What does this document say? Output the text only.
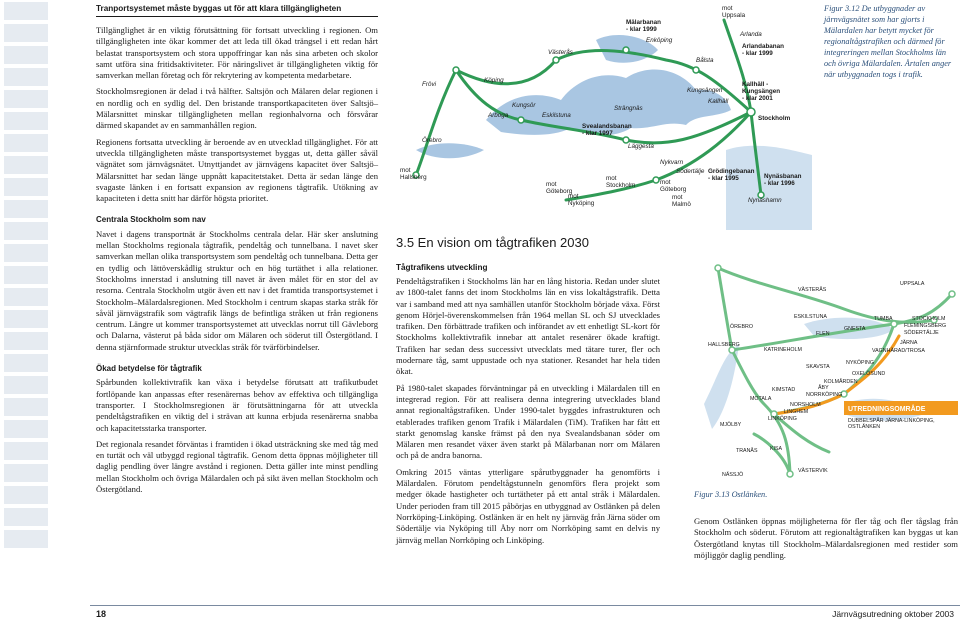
Tranportsystemet måste byggas ut för att klara tillgängligheten

Tillgänglighet är en viktig förutsättning för fortsatt utveckling i regionen. Om tillgängligheten inte ökar kommer det att leda till ökad trängsel i ett redan hårt belastat transportsystem och stora uppoffringar kan nås sina arbeten och skolor samt utföra sina fritidsaktiviteter. För näringslivet är tillgängligheten viktig för samverkan mellan företag och för rekrytering av kompetenta medarbetare.

Stockholmsregionen är delad i två hälfter. Saltsjön och Mälaren delar regionen i en nordlig och en sydlig del. Den bristande transportkapaciteten över Saltsjö–Mälarsnittet minskar tillgängligheten mellan regionhalvorna och försvårar därmed skapandet av en sammanhållen region.

Regionens fortsatta utveckling är beroende av en utvecklad tillgänglighet. För att utveckla tillgängligheten måste transportsystemet byggas ut, detta gäller såväl vägnätet som järnvägsnätet. Utnyttjandet av järnvägens kapacitet över Saltsjö–Mälarsnittet har sedan länge uppnått kapacitetstaket. Detta är sedan länge den svagaste länken i en fortsatt expansion av regionens tågtrafik. Utökning av kapaciteten i detta snitt har därför högsta prioritet.

Centrala Stockholm som nav

Navet i dagens transportnät är Stockholms centrala delar. Här sker anslutning mellan Stockholms regionala tågtrafik, pendeltåg och tunnelbana. I navet sker samverkan mellan olika transportsystem som pendeltåg och tunnelbana. Detta ger en tydlig och lättöverskådlig struktur och en hög turtäthet i alla relationer. Stockholms innerstad i anslutning till navet är även målet för en stor del av resorna. Centrala Stockholm utgör även ett nav i det framtida transportsystemet i Stockholm–Mälardalsregionen. Med Stockholm i centrum skapas starka stråk för såväl järnvägstrafik som vägtrafik längs de befintliga stråken ut från regionens centrum. Längre ut kommer transportsystemet att utvecklas norrut till Gävleborg och Dalarna, västerut på båda sidor om Mälaren och söderut till Östergötland. I denna stjärnformade struktur utvecklas stråk för tvärförbindelser.

Ökad betydelse för tågtrafik

Spårbunden kollektivtrafik kan växa i betydelse förutsatt att trafikutbudet fortlöpande kan anpassas efter resenärernas behov av effektiva och tillgängliga transporter. I Stockholmsregionen är förutsättningarna för att utveckla pendeltågstrafiken en viktig del i strävan att kunna erbjuda resenärerna snabba och kapacitetsstarka transporter.

Det regionala resandet förväntas i framtiden i ökad utsträckning ske med tåg med en turtät och väl utbyggd regional tågtrafik. Genom detta öppnas möjligheter till daglig pendling över längre avstånd i regionen. Detta gäller inte minst pendling mellan Stockholm och övriga Mälardalen och på sikt även mellan Stockholm och Östergötland.

Mälarbanan
- klar 1999
mot
Uppsala
Arlanda
Arlandabanan
- klar 1999
Kallhäll -
Kungsängen
- klar 2001
Stockholm
Västerås
Enköping
Bålsta
Kungsängen
Kallhäll
Köping
Frövi
Arboga
Kungsör
Eskilstuna
Strängnäs
Svealandsbanan
- klar 1997
Läggesta
Örebro
mot
Hallsberg
Nykvarn
Södertälje Grödingebanan
- klar 1995	Nynäsbanan
- klar 1996
Nynäshamn
mot
Göteborg
mot
Nyköping
mot
Stockholm	mot
Göteborg
mot
Malmö
Figur 3.12 De utbyggnader av järnvägsnätet som har gjorts i Mälardalen har betytt mycket för regionaltågstrafiken och därmed för integreringen mellan Stockholms län och övriga Mälardalen. Årtalen anger när utbyggnaden togs i trafik.
3.5 En vision om tågtrafiken 2030
Tågtrafikens utveckling

Pendeltågstrafiken i Stockholms län har en lång historia. Redan under slutet av 1800-talet fanns det inom Stockholms län en viss lokaltågstrafik. Detta var i samband med att nya samhällen utanför Stockholm började växa. Först genom Hörjel-överenskommelsen från 1964 mellan SL och SJ utvecklades trafiken. Den förbättrade trafiken och införandet av ett enhetligt SL-kort för Stockholms kollektivtrafik innebar att antalet resenärer ökade kraftigt. Trafiken har sedan dess successivt utvecklats med tätare turer, fler och modernare tåg, samt uppustade och nya stationer. Resandet har hela tiden ökat.

På 1980-talet skapades förväntningar på en utveckling i Mälardalen till en integrerad region. För att realisera denna integrering utvecklades bland annat regionaltågstrafiken. Under 1990-talet byggdes infrastrukturen och etablerades trafiken genom Trafik i Mälardalen (TiM). Trafiken har fått ett starkt genomslag kanske främst på den nya Svealandsbanan söder om Mälaren men resandet växer även starkt på Mälarbanan norr om Mälaren och på de andra banorna.

Omkring 2015 väntas ytterligare spårutbyggnader ha genomförts i Mälardalen. Förutom pendeltågstunneln genomförs flera projekt som medger ökade hastigheter och turtätheter på ett antal stråk i Mälardalen. Under perioden fram till 2015 påbörjas en utbyggnad av Ostlänken på delen Norrköping-Linköping. Ostlänken är en helt ny järnväg från Järna söder om Södertälje via Nyköping till Åby norr om Norrköping samt en delvis ny järnväg mellan Norrköping och Linköping.

UPPSALA
VÄSTERÅS
ESKILSTUNA
ÖREBRO
FLEN
GNESTA
TUMBA	STOCKHOLM
FLEMINGSBERG
SÖDERTÄLJE
JÄRNA
VAGNHÄRAD/TROSA
HALLSBERG
KATRINEHOLM
SKAVSTA
NYKÖPING
OXELÖSUND
KOLMÅRDEN
ÅBY
NORRKÖPING
KIMSTAD
MOTALA
NORSHOLM
LINGHEM
LINKÖPING
MJÖLBY
TRANÅS KISA
NÄSSJÖ
VÄSTERVIK
UTREDNINGSOMRÅDE
DUBBELSPÅR JÄRNA-LINKÖPING,
OSTLÄNKEN
Figur 3.13 Ostlänken.

Genom Ostlänken öppnas möjligheterna för fler tåg och fler tågslag från Stockholm och söderut. Förutom att regionaltågtrafiken kan byggas ut kan Östergötland knytas till Stockholm–Mälardalsregionen med restider som möjliggör daglig pendling.

18	Järnvägsutredning oktober 2003
